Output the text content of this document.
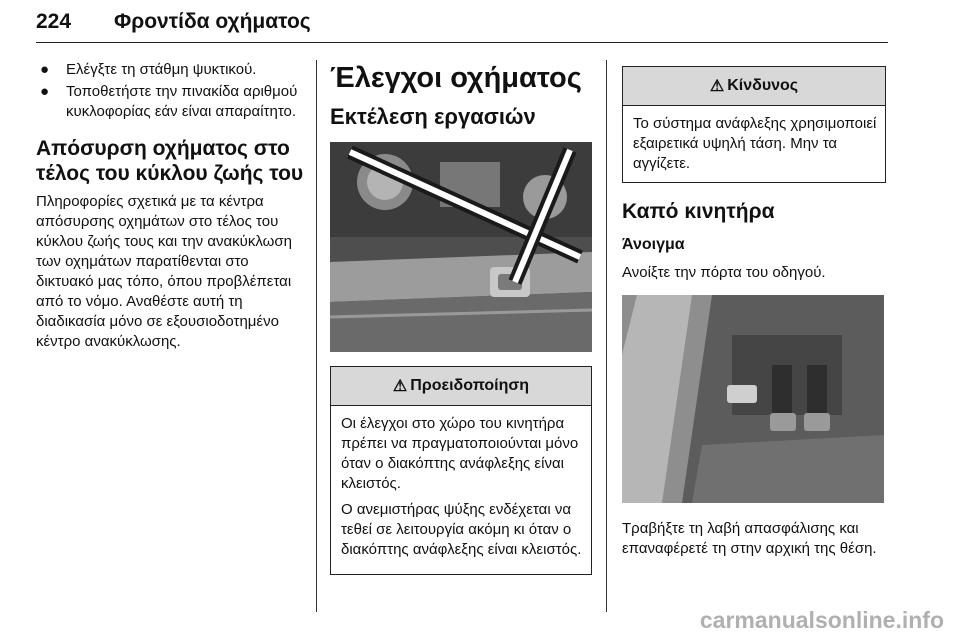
224 Φροντίδα οχήματος
● Ελέγξτε τη στάθμη ψυκτικού.
● Τοποθετήστε την πινακίδα αριθμού κυκλοφορίας εάν είναι απαραίτητο.
Απόσυρση οχήματος στο τέλος του κύκλου ζωής του

Πληροφορίες σχετικά με τα κέντρα απόσυρσης οχημάτων στο τέλος του κύκλου ζωής τους και την ανακύκλωση των οχημάτων παρατίθενται στο δικτυακό μας τόπο, όπου προβλέπεται από το νόμο. Αναθέστε αυτή τη διαδικασία μόνο σε εξουσιοδοτημένο κέντρο ανακύκλωσης.

Έλεγχοι οχήματος
Εκτέλεση εργασιών
⚠ Προειδοποίηση

Οι έλεγχοι στο χώρο του κινητήρα πρέπει να πραγματοποιούνται μόνο όταν ο διακόπτης ανάφλεξης είναι κλειστός.

Ο ανεμιστήρας ψύξης ενδέχεται να τεθεί σε λειτουργία ακόμη κι όταν ο διακόπτης ανάφλεξης είναι κλειστός.

⚠ Κίνδυνος

Το σύστημα ανάφλεξης χρησιμοποιεί εξαιρετικά υψηλή τάση. Μην τα αγγίζετε.

Καπό κινητήρα
Άνοιγμα

Ανοίξτε την πόρτα του οδηγού.

Τραβήξτε τη λαβή απασφάλισης και επαναφέρετέ τη στην αρχική της θέση.

carmanualsonline.info
